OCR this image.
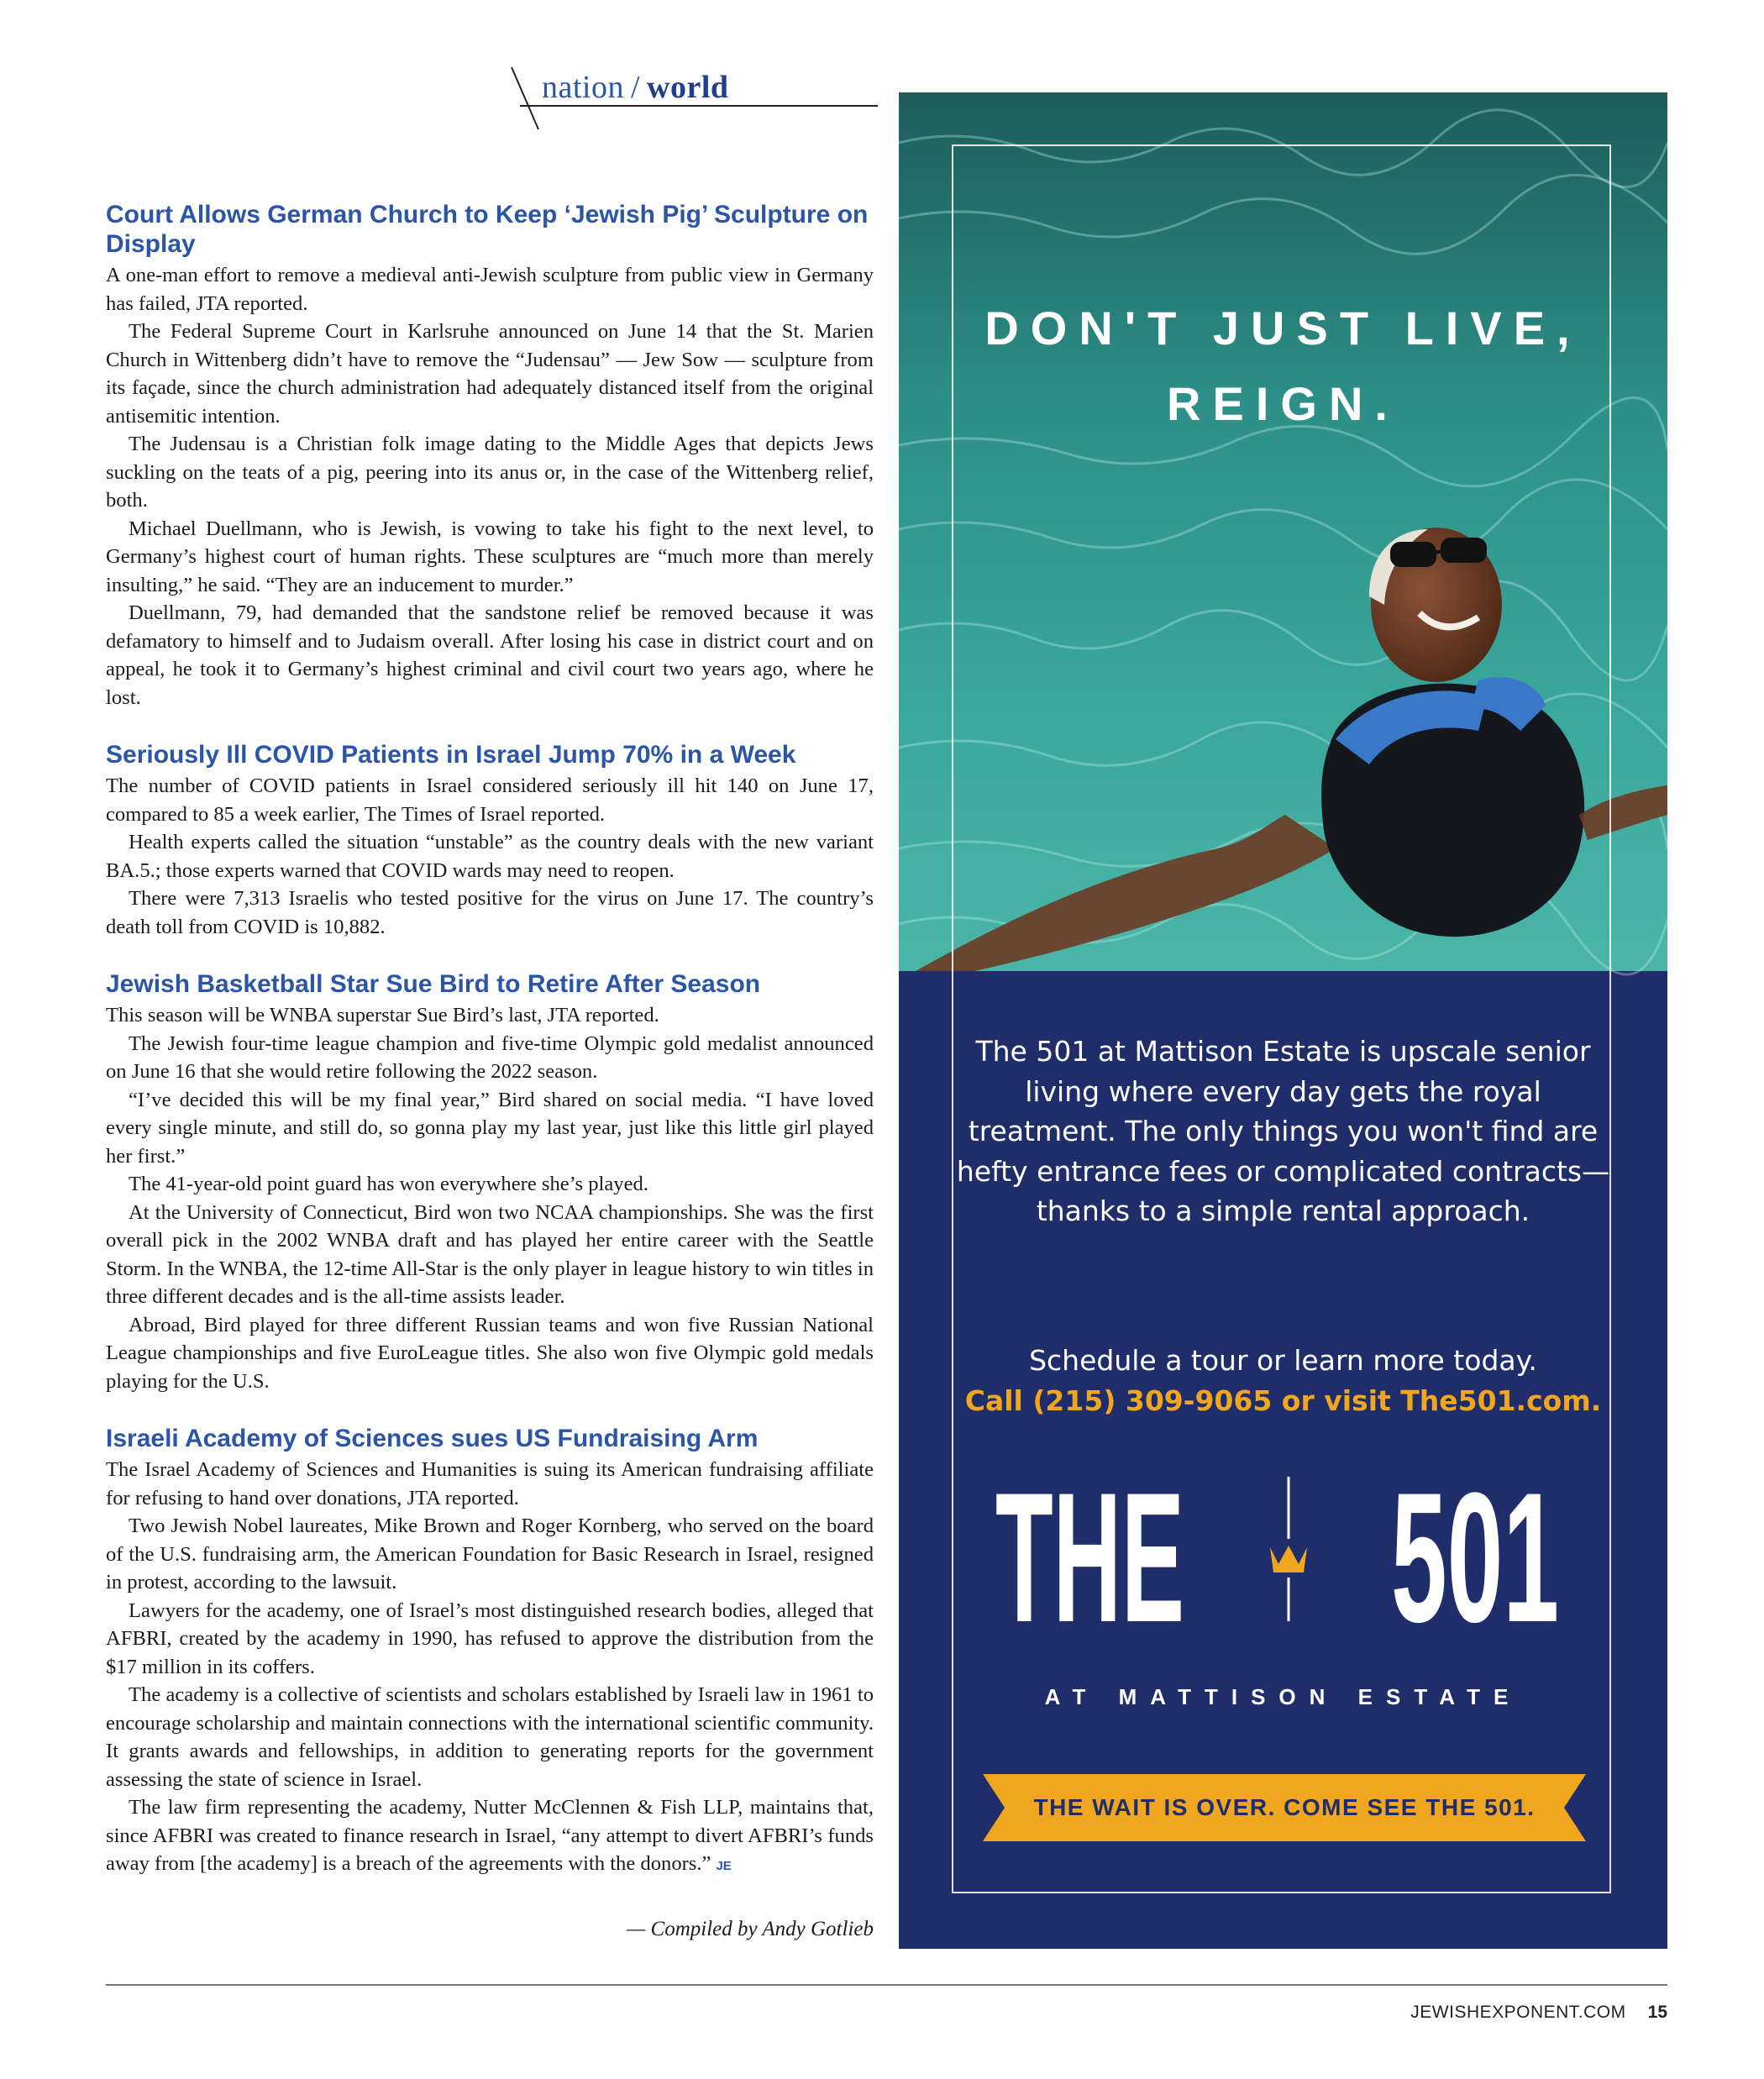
nation / world
Court Allows German Church to Keep ‘Jewish Pig’ Sculpture on Display

A one-man effort to remove a medieval anti-Jewish sculpture from public view in Germany has failed, JTA reported.

The Federal Supreme Court in Karlsruhe announced on June 14 that the St. Marien Church in Wittenberg didn’t have to remove the “Judensau” — Jew Sow — sculpture from its façade, since the church administration had adequately distanced itself from the original antisemitic intention.

The Judensau is a Christian folk image dating to the Middle Ages that depicts Jews suckling on the teats of a pig, peering into its anus or, in the case of the Wittenberg relief, both.

Michael Duellmann, who is Jewish, is vowing to take his fight to the next level, to Germany’s highest court of human rights. These sculptures are “much more than merely insulting,” he said. “They are an inducement to murder.”

Duellmann, 79, had demanded that the sandstone relief be removed because it was defamatory to himself and to Judaism overall. After losing his case in district court and on appeal, he took it to Germany’s highest criminal and civil court two years ago, where he lost.

Seriously Ill COVID Patients in Israel Jump 70% in a Week

The number of COVID patients in Israel considered seriously ill hit 140 on June 17, compared to 85 a week earlier, The Times of Israel reported.

Health experts called the situation “unstable” as the country deals with the new variant BA.5.; those experts warned that COVID wards may need to reopen.

There were 7,313 Israelis who tested positive for the virus on June 17. The country’s death toll from COVID is 10,882.

Jewish Basketball Star Sue Bird to Retire After Season

This season will be WNBA superstar Sue Bird’s last, JTA reported.

The Jewish four-time league champion and five-time Olympic gold medalist announced on June 16 that she would retire following the 2022 season.

“I’ve decided this will be my final year,” Bird shared on social media. “I have loved every single minute, and still do, so gonna play my last year, just like this little girl played her first.”

The 41-year-old point guard has won everywhere she’s played.

At the University of Connecticut, Bird won two NCAA championships. She was the first overall pick in the 2002 WNBA draft and has played her entire career with the Seattle Storm. In the WNBA, the 12-time All-Star is the only player in league history to win titles in three different decades and is the all-time assists leader.

Abroad, Bird played for three different Russian teams and won five Russian National League championships and five EuroLeague titles. She also won five Olympic gold medals playing for the U.S.

Israeli Academy of Sciences sues US Fundraising Arm

The Israel Academy of Sciences and Humanities is suing its American fundraising affiliate for refusing to hand over donations, JTA reported.

Two Jewish Nobel laureates, Mike Brown and Roger Kornberg, who served on the board of the U.S. fundraising arm, the American Foundation for Basic Research in Israel, resigned in protest, according to the lawsuit.

Lawyers for the academy, one of Israel’s most distinguished research bodies, alleged that AFBRI, created by the academy in 1990, has refused to approve the distribution from the $17 million in its coffers.

The academy is a collective of scientists and scholars established by Israeli law in 1961 to encourage scholarship and maintain connections with the international scientific community. It grants awards and fellowships, in addition to generating reports for the government assessing the state of science in Israel.

The law firm representing the academy, Nutter McClennen & Fish LLP, maintains that, since AFBRI was created to finance research in Israel, “any attempt to divert AFBRI’s funds away from [the academy] is a breach of the agreements with the donors.” JE

— Compiled by Andy Gotlieb
DON'T JUST LIVE,
REIGN.
The 501 at Mattison Estate is upscale senior living where every day gets the royal treatment. The only things you won't find are hefty entrance fees or complicated contracts—thanks to a simple rental approach.
Schedule a tour or learn more today.
Call (215) 309-9065 or visit The501.com.
THE 501
AT MATTISON ESTATE
THE WAIT IS OVER. COME SEE THE 501.
JEWISHEXPONENT.COM 15
